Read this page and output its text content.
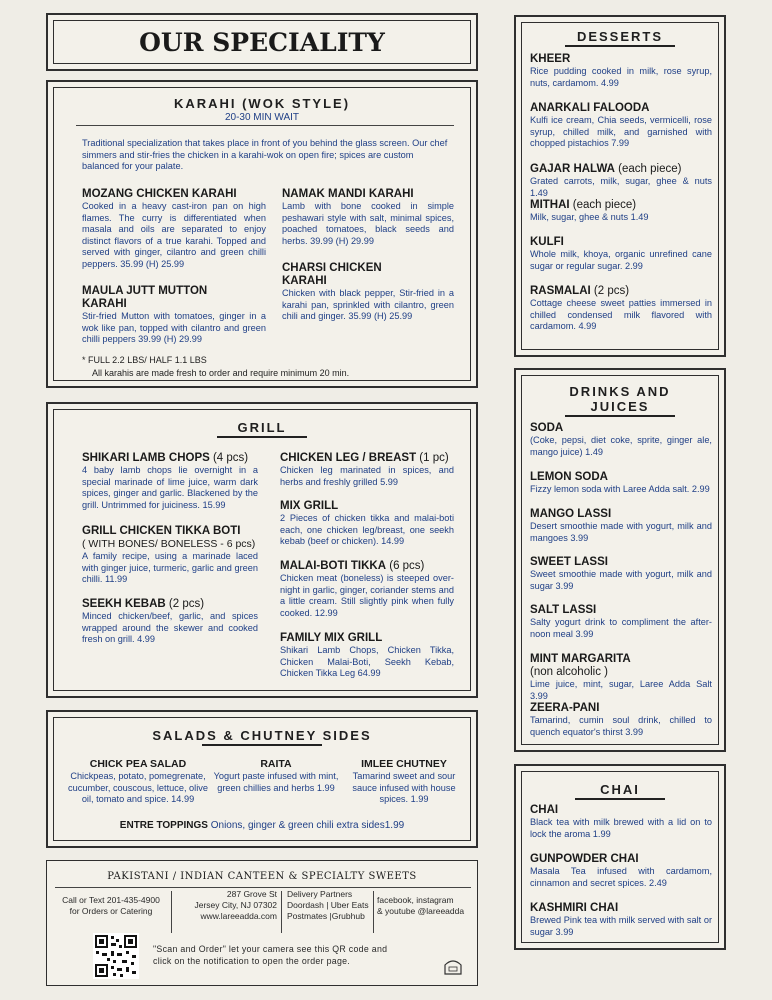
OUR SPECIALITY
KARAHI (WOK STYLE)
20-30 MIN WAIT
Traditional specialization that takes place in front of you behind the glass screen. Our chef simmers and stir-fries the chicken in a karahi-wok on open fire; spices are custom balanced for your palate.
MOZANG CHICKEN KARAHI
Cooked in a heavy cast-iron pan on high flames. The curry is differentiated when masala and oils are separated to enjoy distinct flavors of a true karahi. Topped and served with ginger, cilantro and green chilli peppers. 35.99 (H) 25.99
MAULA JUTT MUTTON KARAHI
Stir-fried Mutton with tomatoes, ginger in a wok like pan, topped with cilantro and green chilli peppers 39.99 (H) 29.99
NAMAK MANDI KARAHI
Lamb with bone cooked in simple peshawari style with salt, minimal spices, poached tomatoes, black seeds and herbs. 39.99 (H) 29.99
CHARSI CHICKEN KARAHI
Chicken with black pepper, Stir-fried in a karahi pan, sprinkled with cilantro, green chili and ginger. 35.99 (H) 25.99
* FULL 2.2 LBS/ HALF 1.1 LBS
All karahis are made fresh to order and require minimum 20 min.
GRILL
SHIKARI LAMB CHOPS (4 pcs)
4 baby lamb chops lie overnight in a special marinade of lime juice, warm dark spices, ginger and garlic. Blackened by the grill. Untrimmed for juiciness. 15.99
GRILL CHICKEN TIKKA BOTI
( WITH BONES/ BONELESS - 6 pcs)
A family recipe, using a marinade laced with ginger juice, turmeric, garlic and green chilli. 11.99
SEEKH KEBAB (2 pcs)
Minced chicken/beef, garlic, and spices wrapped around the skewer and cooked fresh on grill. 4.99
CHICKEN LEG / BREAST (1 pc)
Chicken leg marinated in spices, and herbs and freshly grilled 5.99
MIX GRILL
2 Pieces of chicken tikka and malai-boti each, one chicken leg/breast, one seekh kebab (beef or chicken). 14.99
MALAI-BOTI TIKKA (6 pcs)
Chicken meat (boneless) is steeped over-night in garlic, ginger, coriander stems and a little cream. Still slightly pink when fully cooked. 12.99
FAMILY MIX GRILL
Shikari Lamb Chops, Chicken Tikka, Chicken Malai-Boti, Seekh Kebab, Chicken Tikka Leg 64.99
SALADS & CHUTNEY SIDES
CHICK PEA SALAD
Chickpeas, potato, pomegrenate, cucumber, couscous, lettuce, olive oil, tomato and spice. 14.99
RAITA
Yogurt paste infused with mint, green chillies and herbs 1.99
IMLEE CHUTNEY
Tamarind sweet and sour sauce infused with house spices. 1.99
ENTRE TOPPINGS Onions, ginger & green chili extra sides1.99
PAKISTANI / INDIAN CANTEEN & SPECIALTY SWEETS
Call or Text 201-435-4900
for Orders or Catering
287 Grove St
Jersey City, NJ 07302
www.lareeadda.com
Delivery Partners
Doordash | Uber Eats
Postmates |Grubhub
facebook, instagram
& youtube @lareeadda
"Scan and Order" let your camera see this QR code and
click on the notification to open the order page.
DESSERTS
KHEER
Rice pudding cooked in milk, rose syrup, nuts, cardamom. 4.99
ANARKALI FALOODA
Kulfi ice cream, Chia seeds, vermicelli, rose syrup, chilled milk, and garnished with chopped pistachios 7.99
GAJAR HALWA (each piece)
Grated carrots, milk, sugar, ghee & nuts 1.49
MITHAI (each piece)
Milk, sugar, ghee & nuts 1.49
KULFI
Whole milk, khoya, organic unrefined cane sugar or regular sugar. 2.99
RASMALAI (2 pcs)
Cottage cheese sweet patties immersed in chilled condensed milk flavored with cardamom. 4.99
DRINKS AND
JUICES
SODA
(Coke, pepsi, diet coke, sprite, ginger ale, mango juice) 1.49
LEMON SODA
Fizzy lemon soda with Laree Adda salt. 2.99
MANGO LASSI
Desert smoothie made with yogurt, milk and mangoes 3.99
SWEET LASSI
Sweet smoothie made with yogurt, milk and sugar 3.99
SALT LASSI
Salty yogurt drink to compliment the after-noon meal 3.99
MINT MARGARITA
(non alcoholic )
Lime juice, mint, sugar, Laree Adda Salt 3.99
ZEERA-PANI
Tamarind, cumin soul drink, chilled to quench equator's thirst 3.99
CHAI
CHAI
Black tea with milk brewed with a lid on to lock the aroma 1.99
GUNPOWDER CHAI
Masala Tea infused with cardamom, cinnamon and secret spices. 2.49
KASHMIRI CHAI
Brewed Pink tea with milk served with salt or sugar 3.99
